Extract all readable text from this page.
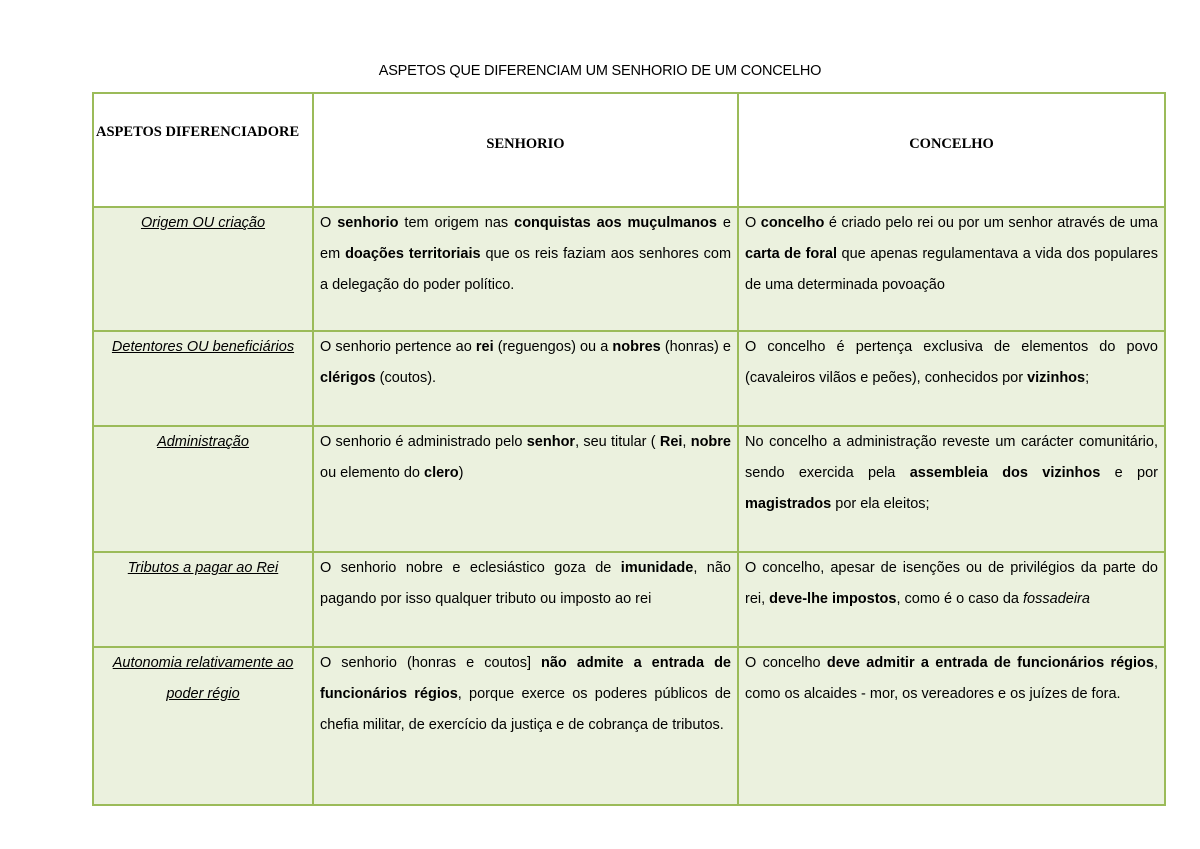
ASPETOS QUE DIFERENCIAM UM SENHORIO DE UM CONCELHO
ASPETOS DIFERENCIADORE	SENHORIO	CONCELHO
Origem OU criação	O senhorio tem origem nas conquistas aos muçulmanos e em doações territoriais que os reis faziam aos senhores com a delegação do poder político.	O concelho é criado pelo rei ou por um senhor através de uma carta de foral que apenas regulamentava a vida dos populares de uma determinada povoação
Detentores OU beneficiários	O senhorio pertence ao rei (reguengos) ou a nobres (honras) e clérigos (coutos).	O concelho é pertença exclusiva de elementos do povo (cavaleiros vilãos e peões), conhecidos por vizinhos;
Administração	O senhorio é administrado pelo senhor, seu titular ( Rei, nobre ou elemento do clero)	No concelho a administração reveste um carácter comunitário, sendo exercida pela assembleia dos vizinhos e por magistrados por ela eleitos;
Tributos a pagar ao Rei	O senhorio nobre e eclesiástico goza de imunidade, não pagando por isso qualquer tributo ou imposto ao rei	O concelho, apesar de isenções ou de privilégios da parte do rei, deve-lhe impostos, como é o caso da fossadeira
Autonomia relativamente ao poder régio	O senhorio (honras e coutos] não admite a entrada de funcionários régios, porque exerce os poderes públicos de chefia militar, de exercício da justiça e de cobrança de tributos.	O concelho deve admitir a entrada de funcionários régios, como os alcaides - mor, os vereadores e os juízes de fora.
